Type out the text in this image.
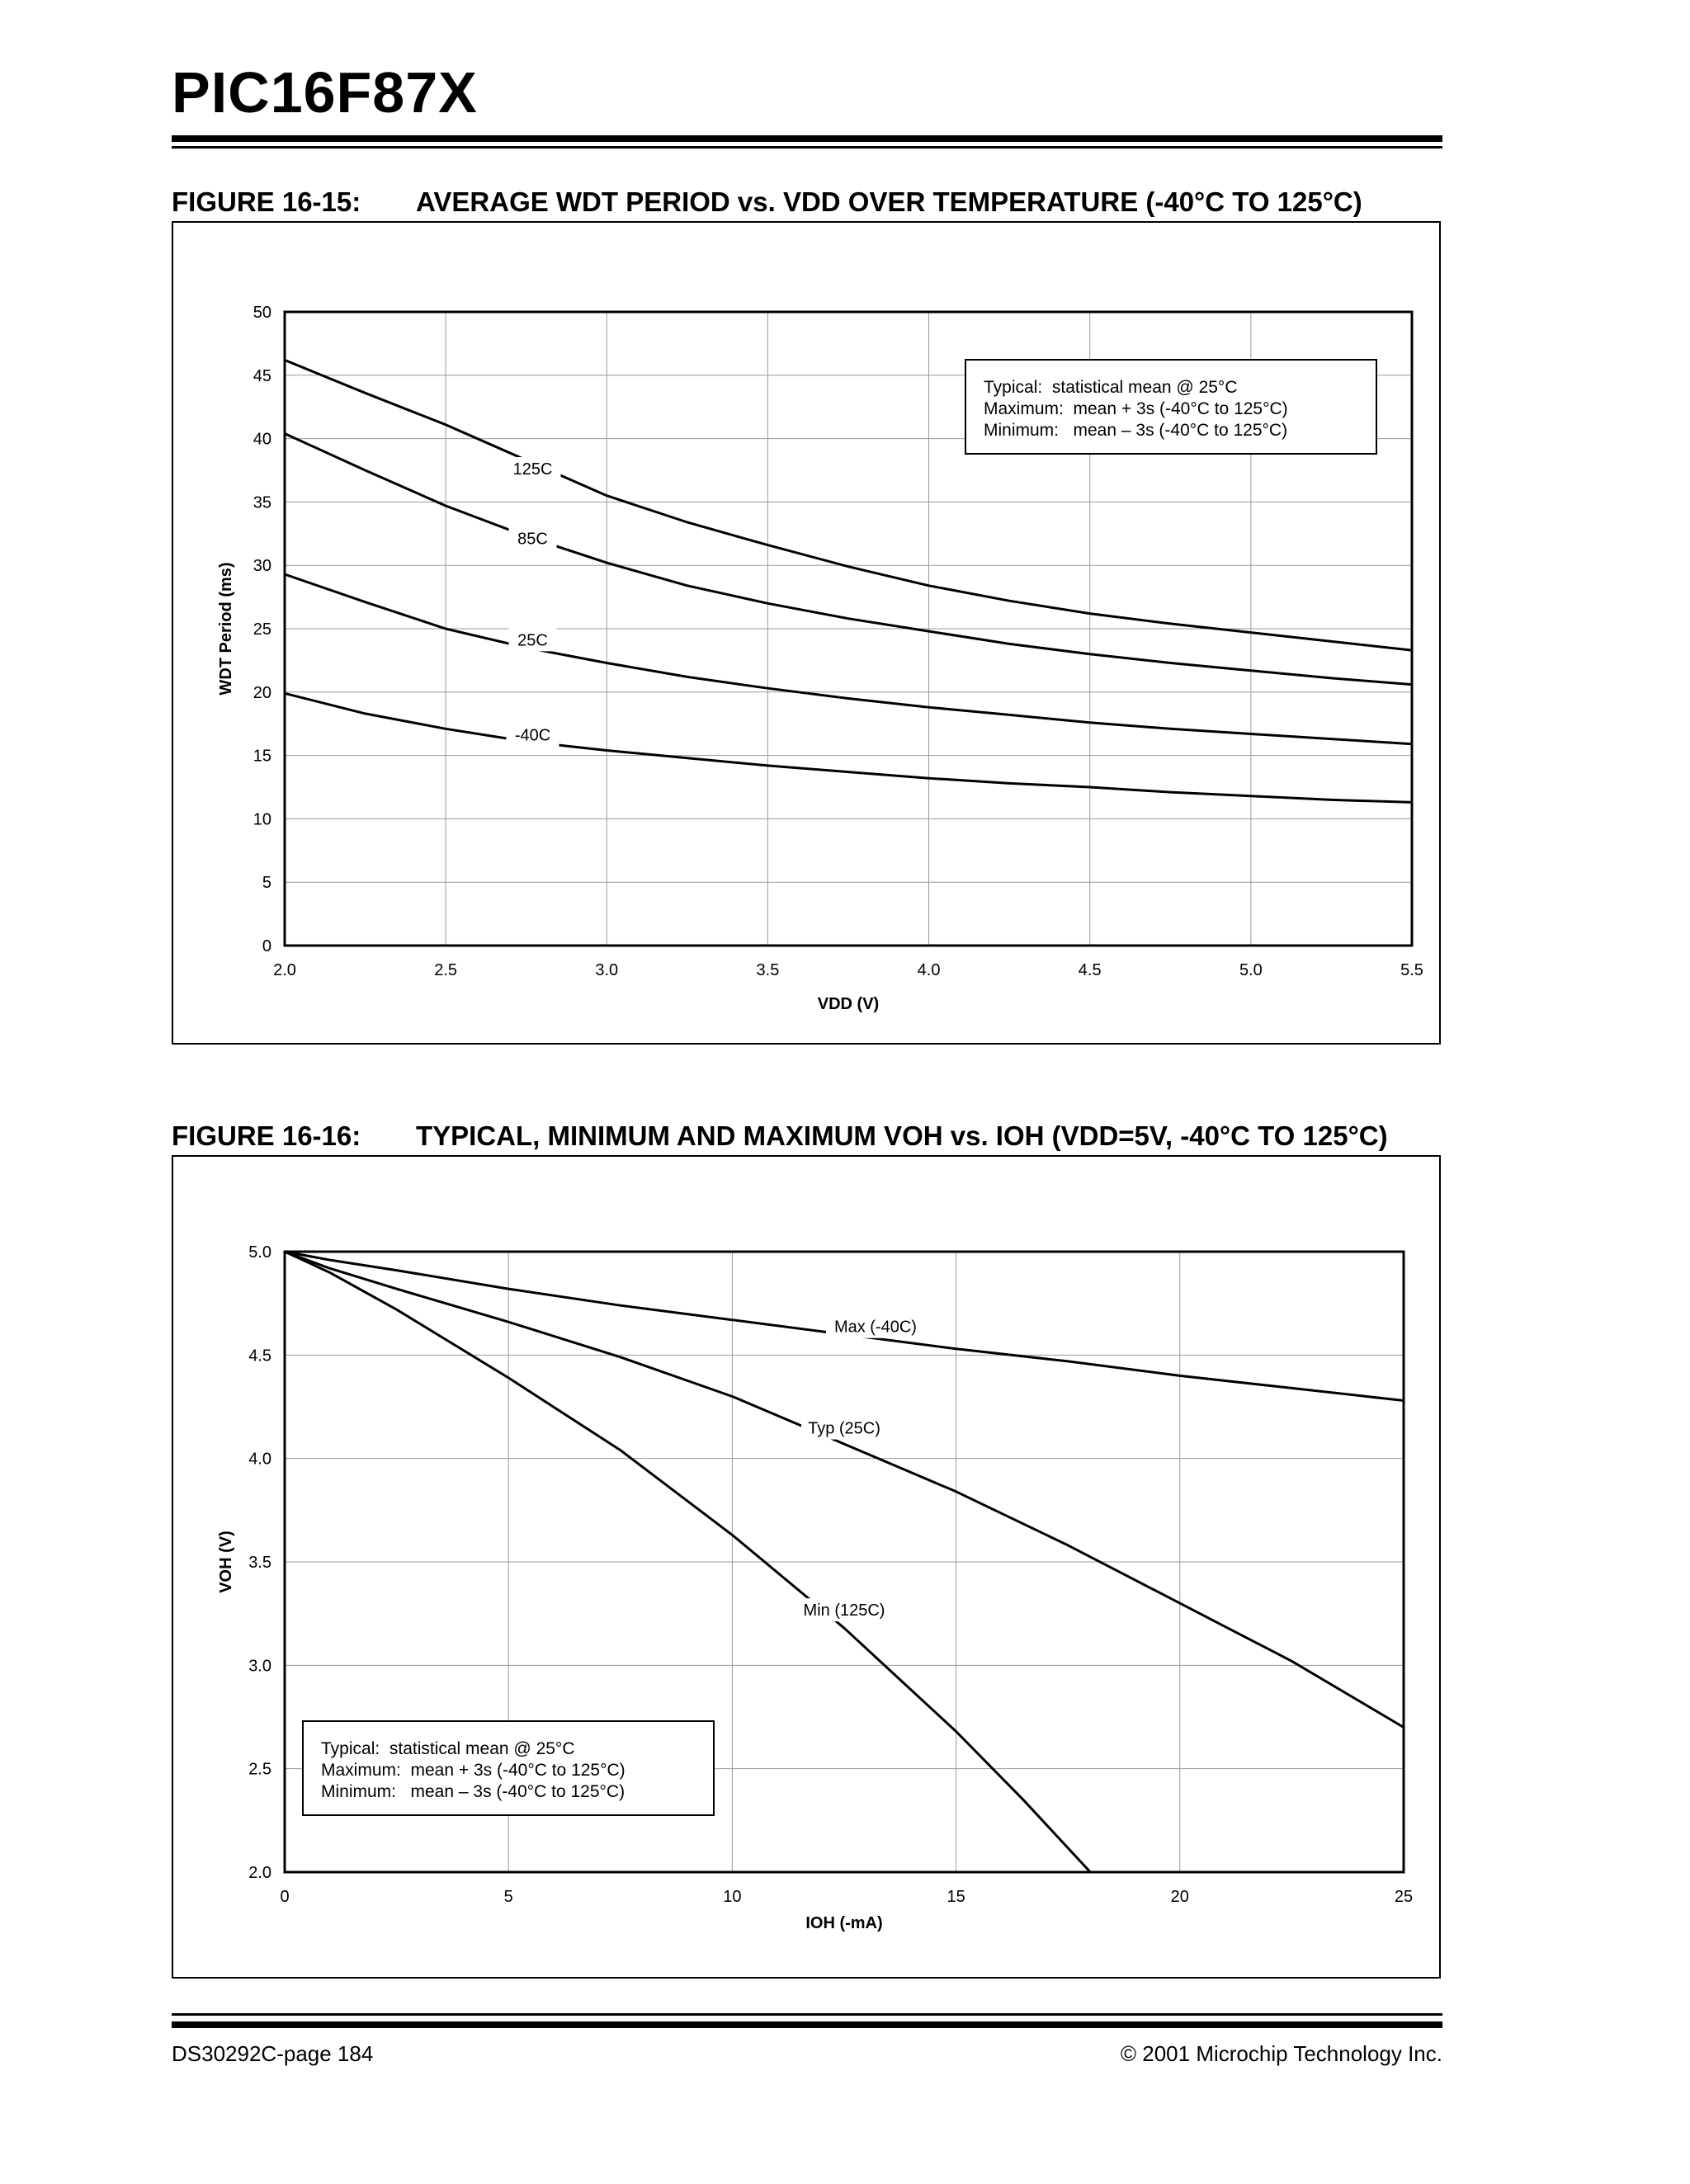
PIC16F87X
FIGURE 16-15: AVERAGE WDT PERIOD vs. VDD OVER TEMPERATURE (-40°C TO 125°C)
2.0	2.5	3.0	3.5	4.0	4.5	5.0	5.5
0
5
10
15
20
25
30
35
40
45
50
VDD (V)
WDT Period (ms)
125C
85C
25C
-40C
Typical:  statistical mean @ 25°C
Maximum:  mean + 3s (-40°C to 125°C)
Minimum:   mean – 3s (-40°C to 125°C)
FIGURE 16-16: TYPICAL, MINIMUM AND MAXIMUM VOH vs. IOH (VDD=5V, -40°C TO 125°C)
0	5	10	15	20	25
2.0
2.5
3.0
3.5
4.0
4.5
5.0
IOH (-mA)
VOH (V)
Max (-40C)
Typ (25C)
Min (125C)
Typical:  statistical mean @ 25°C
Maximum:  mean + 3s (-40°C to 125°C)
Minimum:   mean – 3s (-40°C to 125°C)
DS30292C-page 184	© 2001 Microchip Technology Inc.
